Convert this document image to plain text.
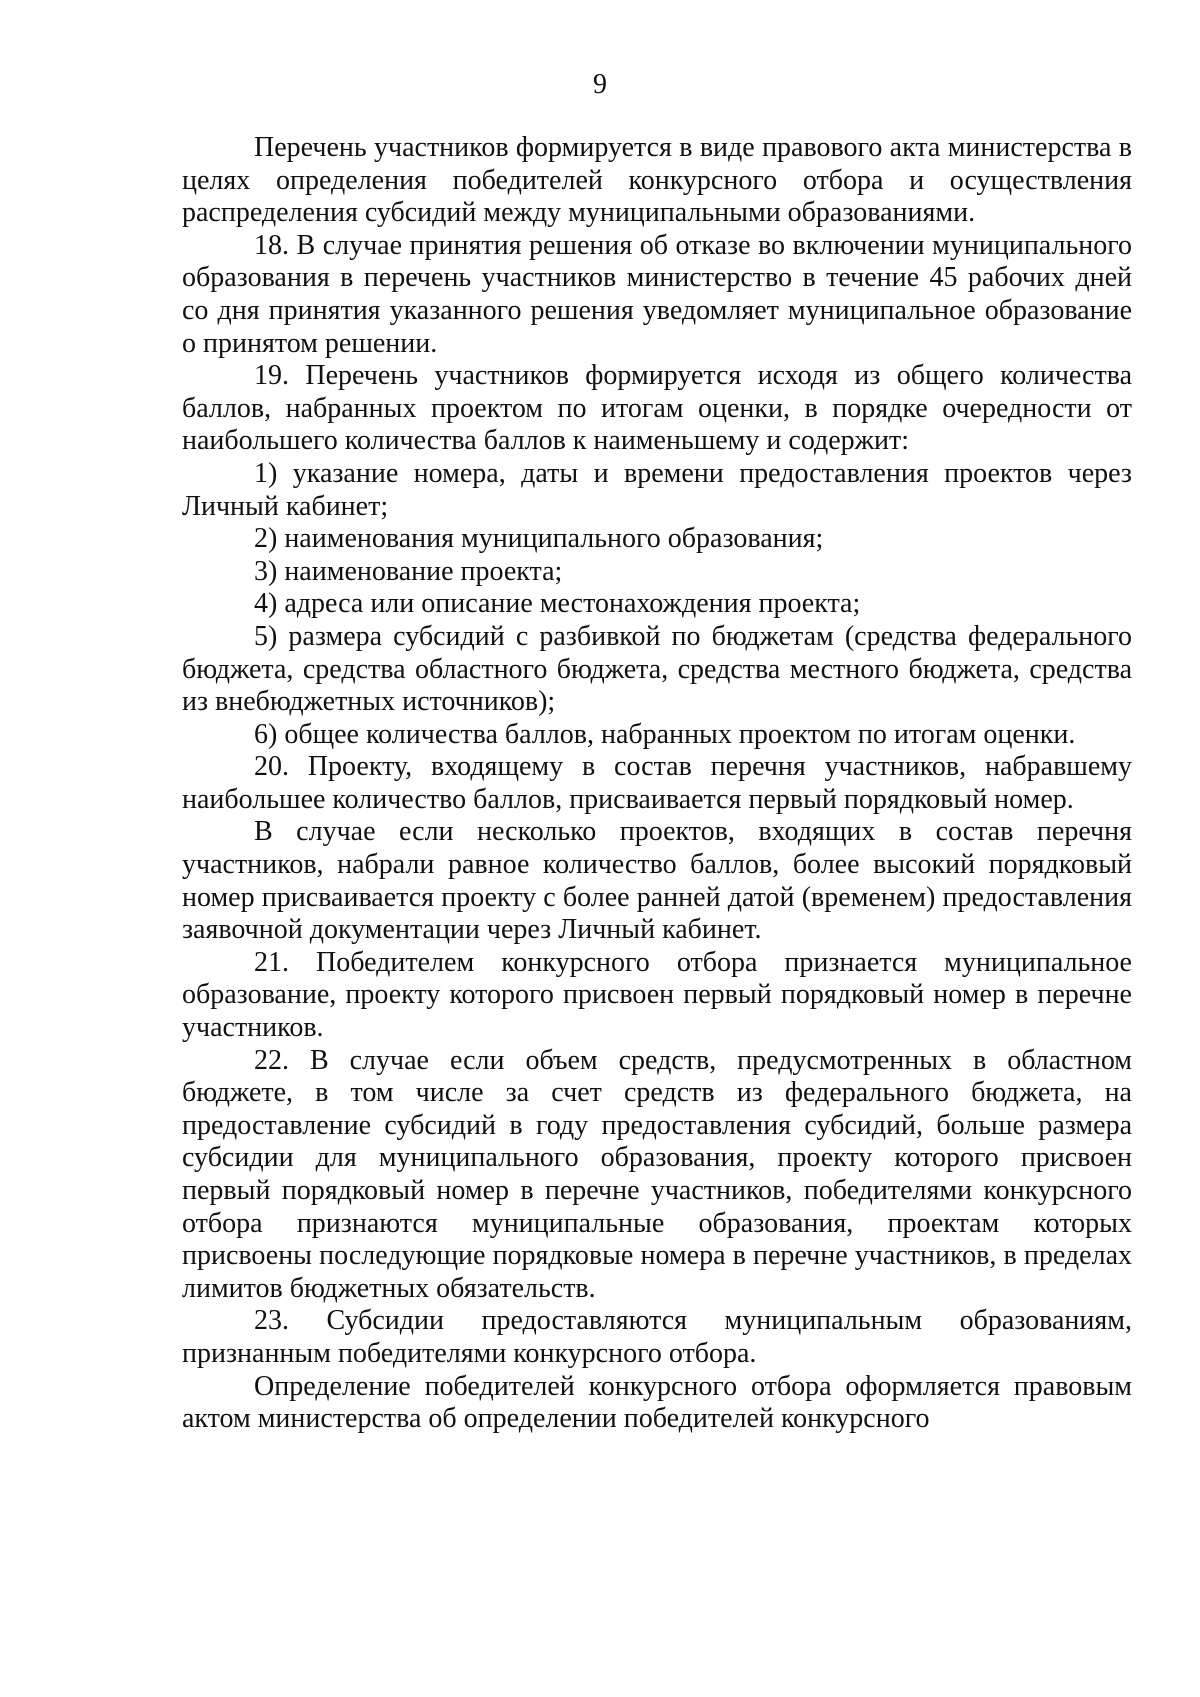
9

Перечень участников формируется в виде правового акта министерства в целях определения победителей конкурсного отбора и осуществления распределения субсидий между муниципальными образованиями.

18. В случае принятия решения об отказе во включении муниципального образования в перечень участников министерство в течение 45 рабочих дней со дня принятия указанного решения уведомляет муниципальное образование о принятом решении.

19. Перечень участников формируется исходя из общего количества баллов, набранных проектом по итогам оценки, в порядке очередности от наибольшего количества баллов к наименьшему и содержит:

1) указание номера, даты и времени предоставления проектов через Личный кабинет;

2) наименования муниципального образования;

3) наименование проекта;

4) адреса или описание местонахождения проекта;

5) размера субсидий с разбивкой по бюджетам (средства федерального бюджета, средства областного бюджета, средства местного бюджета, средства из внебюджетных источников);

6) общее количества баллов, набранных проектом по итогам оценки.

20. Проекту, входящему в состав перечня участников, набравшему наибольшее количество баллов, присваивается первый порядковый номер.

В случае если несколько проектов, входящих в состав перечня участников, набрали равное количество баллов, более высокий порядковый номер присваивается проекту с более ранней датой (временем) предоставления заявочной документации через Личный кабинет.

21. Победителем конкурсного отбора признается муниципальное образование, проекту которого присвоен первый порядковый номер в перечне участников.

22. В случае если объем средств, предусмотренных в областном бюджете, в том числе за счет средств из федерального бюджета, на предоставление субсидий в году предоставления субсидий, больше размера субсидии для муниципального образования, проекту которого присвоен первый порядковый номер в перечне участников, победителями конкурсного отбора признаются муниципальные образования, проектам которых присвоены последующие порядковые номера в перечне участников, в пределах лимитов бюджетных обязательств.

23. Субсидии предоставляются муниципальным образованиям, признанным победителями конкурсного отбора.

Определение победителей конкурсного отбора оформляется правовым актом министерства об определении победителей конкурсного
